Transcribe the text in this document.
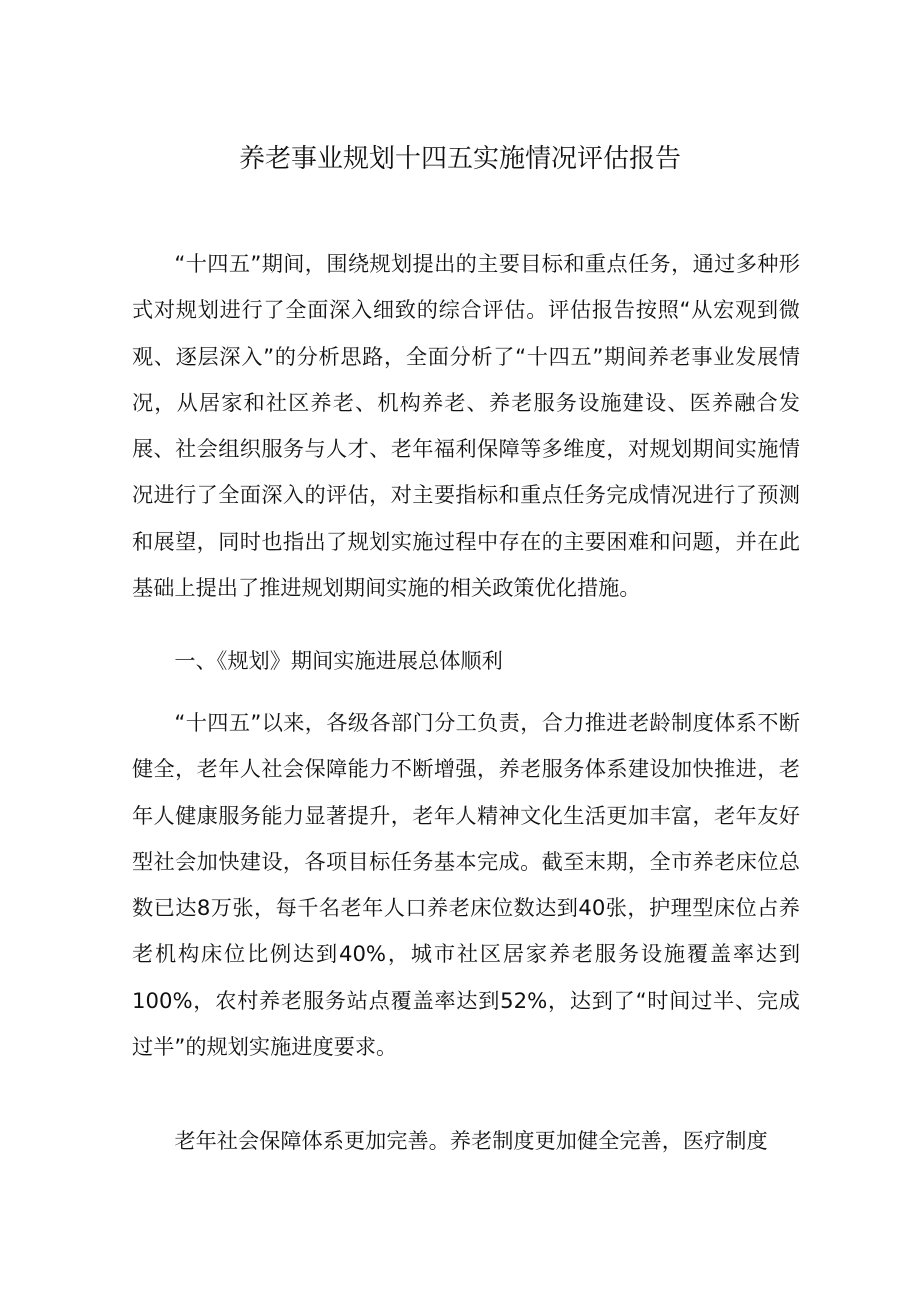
养老事业规划十四五实施情况评估报告

“十四五”期间，围绕规划提出的主要目标和重点任务，通过多种形式对规划进行了全面深入细致的综合评估。评估报告按照“从宏观到微观、逐层深入”的分析思路，全面分析了“十四五”期间养老事业发展情况，从居家和社区养老、机构养老、养老服务设施建设、医养融合发展、社会组织服务与人才、老年福利保障等多维度，对规划期间实施情况进行了全面深入的评估，对主要指标和重点任务完成情况进行了预测和展望，同时也指出了规划实施过程中存在的主要困难和问题，并在此基础上提出了推进规划期间实施的相关政策优化措施。

一、《规划》期间实施进展总体顺利

“十四五”以来，各级各部门分工负责，合力推进老龄制度体系不断健全，老年人社会保障能力不断增强，养老服务体系建设加快推进，老年人健康服务能力显著提升，老年人精神文化生活更加丰富，老年友好型社会加快建设，各项目标任务基本完成。截至末期，全市养老床位总数已达8万张，每千名老年人口养老床位数达到40张，护理型床位占养老机构床位比例达到40%，城市社区居家养老服务设施覆盖率达到100%，农村养老服务站点覆盖率达到52%，达到了“时间过半、完成过半”的规划实施进度要求。

老年社会保障体系更加完善。养老制度更加健全完善，医疗制度
